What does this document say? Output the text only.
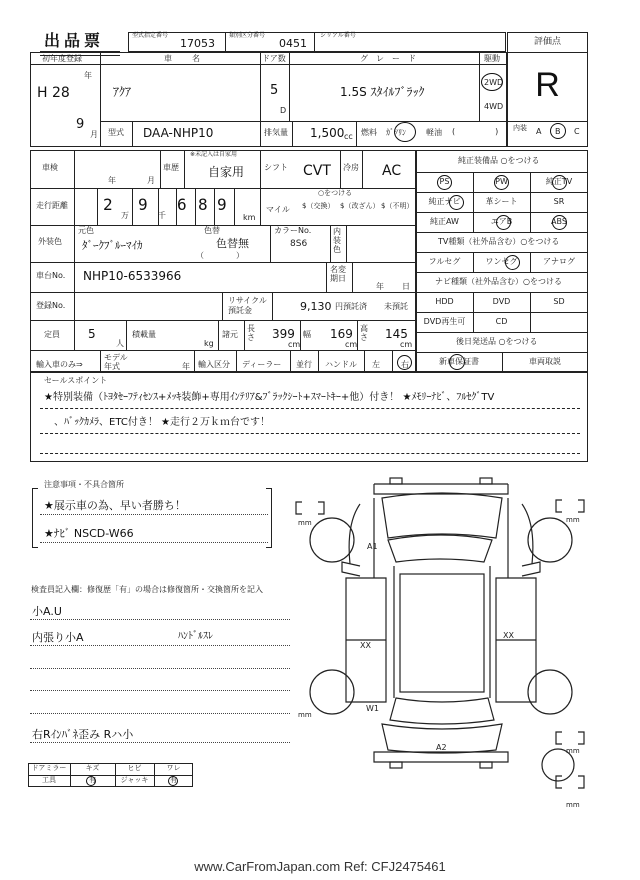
出品票	型式指定番号
17053
類別区分番号
0451
シリアル番号
評価点
R
初年度登録
H 28
年
9
月
車名
ｱｸｱ
ドア数
5
D
グレード
1.5S ｽﾀｲﾙﾌﾞﾗｯｸ
駆動
2WD
4WD
型式 DAA-NHP10	排気量 1,500 cc 燃料 ｶﾞｿﾘﾝ	軽油 (　　　　　) 内装 A B C
車検
年	月
車歴
※未記入は自家用
自家用 シフト CVT 冷房 AC
走行距離 2
万
9
千
6 8 9
km
○をつける
マイル $（交換） $（改ざん） $（不明）
外装色
元色
ﾀﾞｰｸﾌﾞﾙｰﾏｲｶ
色替
色替無
（　　　　）
カラーNo.
8S6
内装色
車台No. NHP10-6533966	名変期日
年 日
登録No.
リサイクル預託金	9,130 円預託済 未預託
定員 5
人
積載量
kg
諸元
長さ 399
cm
幅 169
cm
高さ 145
cm
輸入車のみ⇒
モデル年式	年 輸入区分 ディーラー 並行 ハンドル 左	右
純正装備品 ○をつける
PS	PW	純正TV
純正ナビ	革シート	SR
純正AW	エアB	ABS
TV種類（社外品含む）○をつける
フルセグ	ワンセグ	アナログ
ナビ種類（社外品含む）○をつける
HDD	DVD	SD
DVD再生可	CD
後日発送品 ○をつける
新車保証書	車両取説
セールスポイント
★特別装備（ﾄﾖﾀｾｰﾌﾃｨｾﾝｽ+ﾒｯｷ装飾+専用ｲﾝﾃﾘｱ&ﾌﾞﾗｯｸｼｰﾄ+ｽﾏｰﾄｷｰ+他）付き！ ★ﾒﾓﾘｰﾅﾋﾞ、ﾌﾙｾｸﾞTV
、ﾊﾞｯｸｶﾒﾗ、ETC付き！ ★走行２万ｋｍ台です！
注意事項・不具合箇所
★展示車の為、早い者勝ち！
★ﾅﾋﾞ NSCD-W66
検査員記入欄：修復歴「有」の場合は修復箇所・交換箇所を記入
小A.U
内張り小A	ﾊﾝﾄﾞﾙｽﾚ
右Rｲﾝﾊﾞﾈ歪み Rハ小
ドアミラー	キズ	ヒビ	ワレ
工具	有	ジャッキ	有
A1
XX
XX
W1
A2
mm	mm
mm
mm
mm
www.CarFromJapan.com Ref: CFJ2475461
